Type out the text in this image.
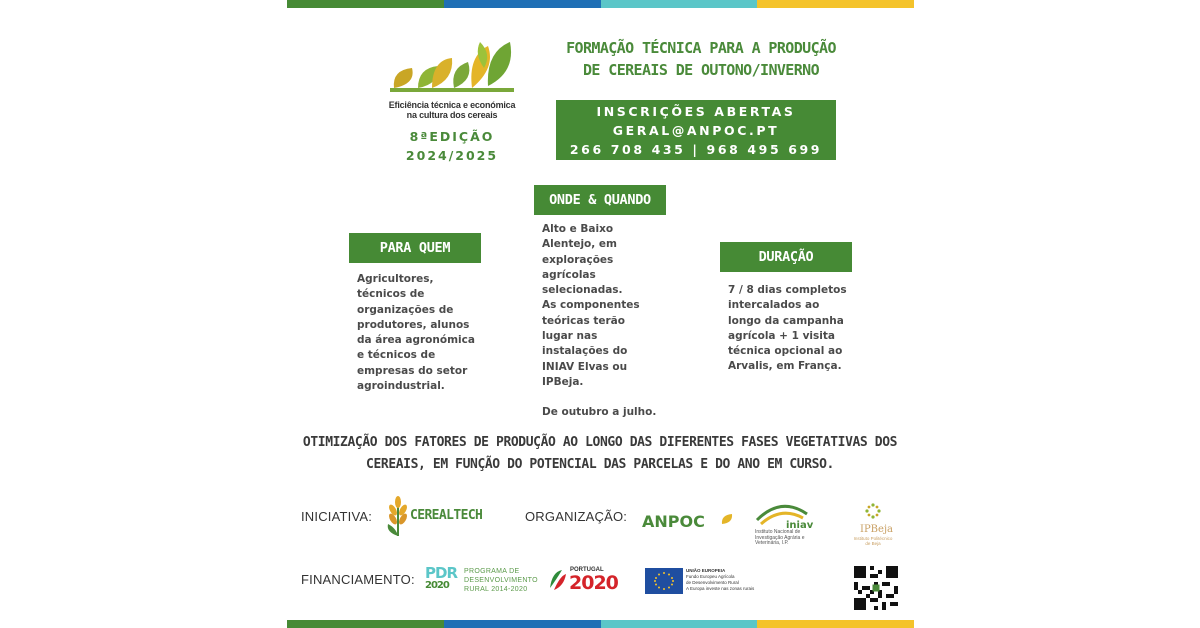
Eficiência técnica e económica
na cultura dos cereais
8ªEDIÇÃO
2024/2025
FORMAÇÃO TÉCNICA PARA A PRODUÇÃO
DE CEREAIS DE OUTONO/INVERNO
INSCRIÇÕES ABERTAS
GERAL@ANPOC.PT
266 708 435 | 968 495 699
ONDE & QUANDO
Alto e Baixo
Alentejo, em
explorações
agrícolas
selecionadas.
As componentes
teóricas terão
lugar nas
instalações do
INIAV Elvas ou
IPBeja.
De outubro a julho.
PARA QUEM
Agricultores,
técnicos de
organizações de
produtores, alunos
da área agronómica
e técnicos de
empresas do setor
agroindustrial.
DURAÇÃO
7 / 8 dias completos
intercalados ao
longo da campanha
agrícola + 1 visita
técnica opcional ao
Arvalis, em França.
OTIMIZAÇÃO DOS FATORES DE PRODUÇÃO AO LONGO DAS DIFERENTES FASES VEGETATIVAS DOS
CEREAIS, EM FUNÇÃO DO POTENCIAL DAS PARCELAS E DO ANO EM CURSO.
INICIATIVA:	CEREALTECH	ORGANIZAÇÃO: ANPOC	iniav
Instituto Nacional de
Investigação Agrária e
Veterinária, I.P.
IPBeja
Instituto Politécnico
de Beja
FINANCIAMENTO: PDR
2020
PROGRAMA DE
DESENVOLVIMENTO
RURAL 2014-2020
PORTUGAL
2020
UNIÃO EUROPEIA
Fundo Europeu Agrícola
de Desenvolvimento Rural
A Europa investe nas zonas rurais
